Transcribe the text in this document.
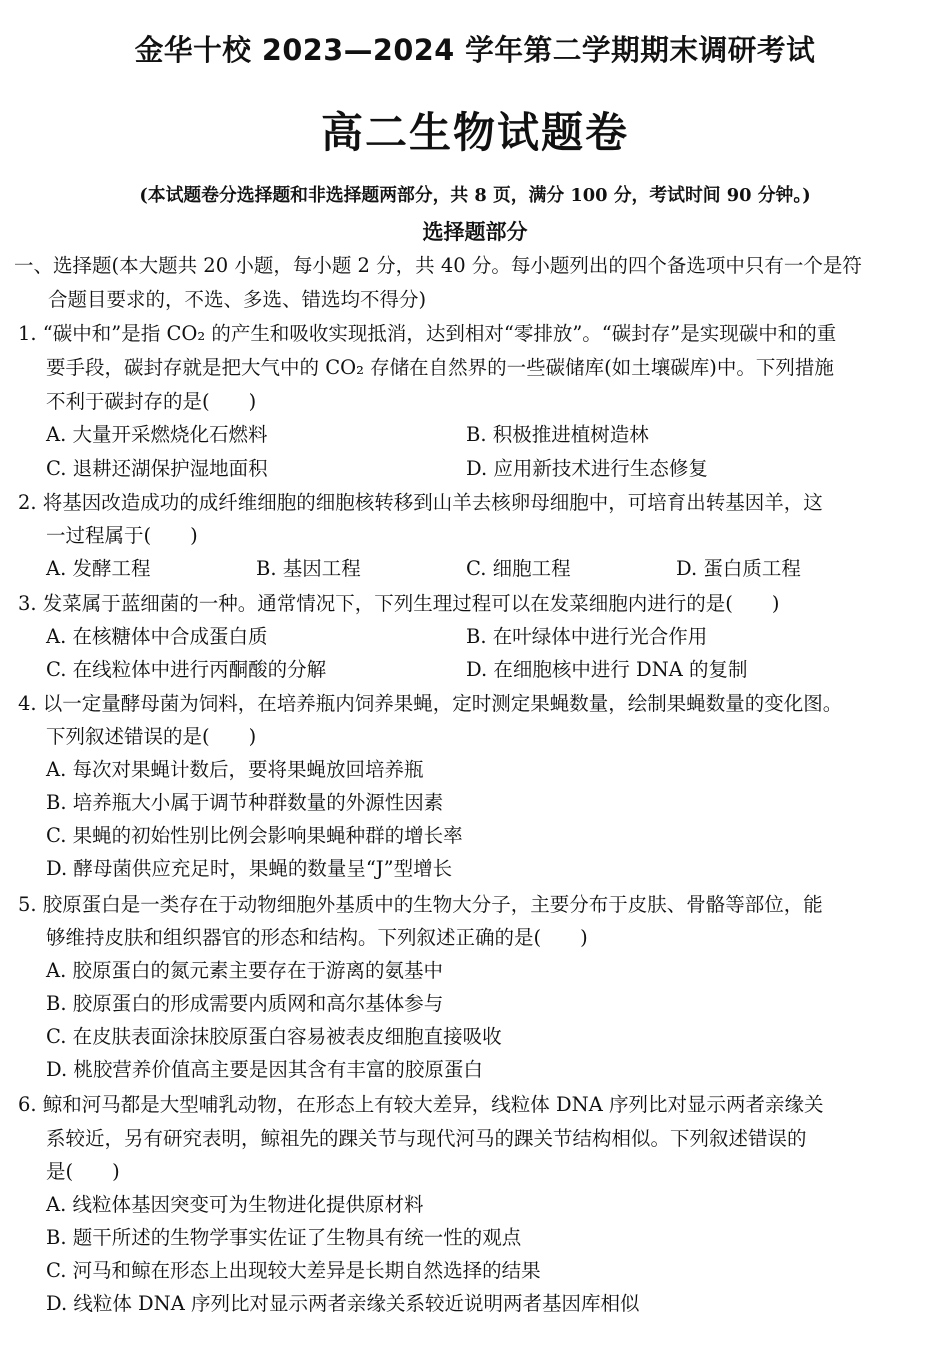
金华十校 2023—2024 学年第二学期期末调研考试
高二生物试题卷
(本试题卷分选择题和非选择题两部分，共 8 页，满分 100 分，考试时间 90 分钟。)
选择题部分
一、选择题(本大题共 20 小题，每小题 2 分，共 40 分。每小题列出的四个备选项中只有一个是符
合题目要求的，不选、多选、错选均不得分)
1. “碳中和”是指 CO₂ 的产生和吸收实现抵消，达到相对“零排放”。“碳封存”是实现碳中和的重
要手段，碳封存就是把大气中的 CO₂ 存储在自然界的一些碳储库(如土壤碳库)中。下列措施
不利于碳封存的是(　　)
A. 大量开采燃烧化石燃料	B. 积极推进植树造林
C. 退耕还湖保护湿地面积	D. 应用新技术进行生态修复
2. 将基因改造成功的成纤维细胞的细胞核转移到山羊去核卵母细胞中，可培育出转基因羊，这
一过程属于(　　)
A. 发酵工程	B. 基因工程	C. 细胞工程	D. 蛋白质工程
3. 发菜属于蓝细菌的一种。通常情况下，下列生理过程可以在发菜细胞内进行的是(　　)
A. 在核糖体中合成蛋白质	B. 在叶绿体中进行光合作用
C. 在线粒体中进行丙酮酸的分解	D. 在细胞核中进行 DNA 的复制
4. 以一定量酵母菌为饲料，在培养瓶内饲养果蝇，定时测定果蝇数量，绘制果蝇数量的变化图。
下列叙述错误的是(　　)
A. 每次对果蝇计数后，要将果蝇放回培养瓶
B. 培养瓶大小属于调节种群数量的外源性因素
C. 果蝇的初始性别比例会影响果蝇种群的增长率
D. 酵母菌供应充足时，果蝇的数量呈“J”型增长
5. 胶原蛋白是一类存在于动物细胞外基质中的生物大分子，主要分布于皮肤、骨骼等部位，能
够维持皮肤和组织器官的形态和结构。下列叙述正确的是(　　)
A. 胶原蛋白的氮元素主要存在于游离的氨基中
B. 胶原蛋白的形成需要内质网和高尔基体参与
C. 在皮肤表面涂抹胶原蛋白容易被表皮细胞直接吸收
D. 桃胶营养价值高主要是因其含有丰富的胶原蛋白
6. 鲸和河马都是大型哺乳动物，在形态上有较大差异，线粒体 DNA 序列比对显示两者亲缘关
系较近，另有研究表明，鲸祖先的踝关节与现代河马的踝关节结构相似。下列叙述错误的
是(　　)
A. 线粒体基因突变可为生物进化提供原材料
B. 题干所述的生物学事实佐证了生物具有统一性的观点
C. 河马和鲸在形态上出现较大差异是长期自然选择的结果
D. 线粒体 DNA 序列比对显示两者亲缘关系较近说明两者基因库相似
